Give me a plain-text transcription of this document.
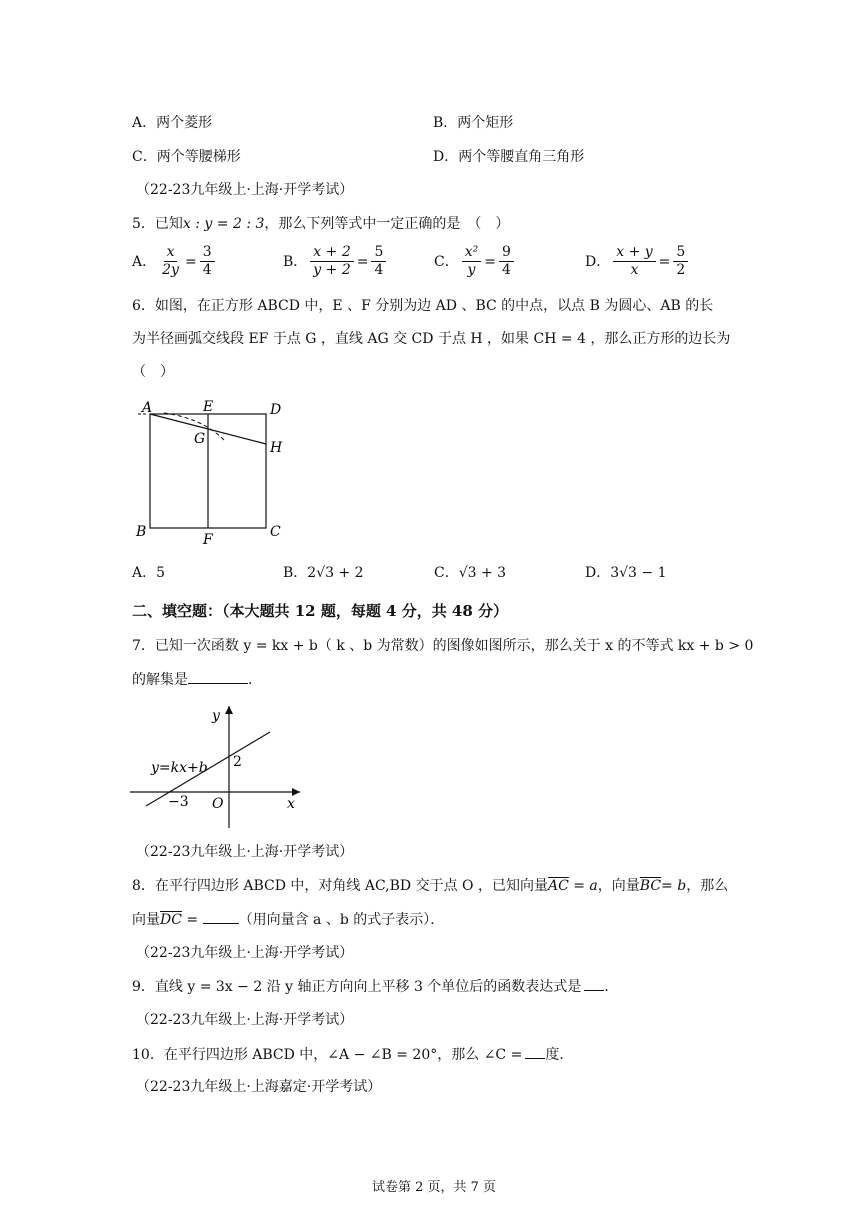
A．两个菱形	B．两个矩形
C．两个等腰梯形	D．两个等腰直角三角形
（22-23九年级上·上海·开学考试）
5．已知x : y = 2 : 3，那么下列等式中一定正确的是　（　）
A． $\frac{x}{2y} = \frac{3}{4}$	B． $\frac{x + 2}{y + 2} = \frac{5}{4}$	C． $\frac{\text{x²}}{y} = \frac{9}{4}$	D． $\frac{x + y}{x} = \frac{5}{2}$
6．如图，在正方形 ABCD 中，E 、F 分别为边 AD 、BC 的中点，以点 B 为圆心、AB 的长
为半径画弧交线段 EF 于点 G ，直线 AG 交 CD 于点 H ，如果 CH = 4 ，那么正方形的边长为
（　）
A	E	D
G
H
B	F	C
A．5	B．2√3 + 2	C．√3 + 3	D．3√3 − 1
二、填空题：（本大题共 12 题，每题 4 分，共 48 分）
7．已知一次函数 y = kx + b（ k 、b 为常数）的图像如图所示，那么关于 x 的不等式 kx + b > 0
的解集是	．
y
x
O
2
−3
y=kx+b
（22-23九年级上·上海·开学考试）
8．在平行四边形 ABCD 中，对角线 AC,BD 交于点 O ，已知向量$\overline{AC} = a$，向量$\overline{BC}= b$，那么
向量$\overline{DC}$ =	（用向量含 a 、b 的式子表示）．
（22-23九年级上·上海·开学考试）
9．直线 y = 3x − 2 沿 y 轴正方向向上平移 3 个单位后的函数表达式是 ．
（22-23九年级上·上海·开学考试）
10．在平行四边形 ABCD 中，∠A − ∠B = 20°，那么 ∠C = 度．
（22-23九年级上·上海嘉定·开学考试）
试卷第 2 页，共 7 页
